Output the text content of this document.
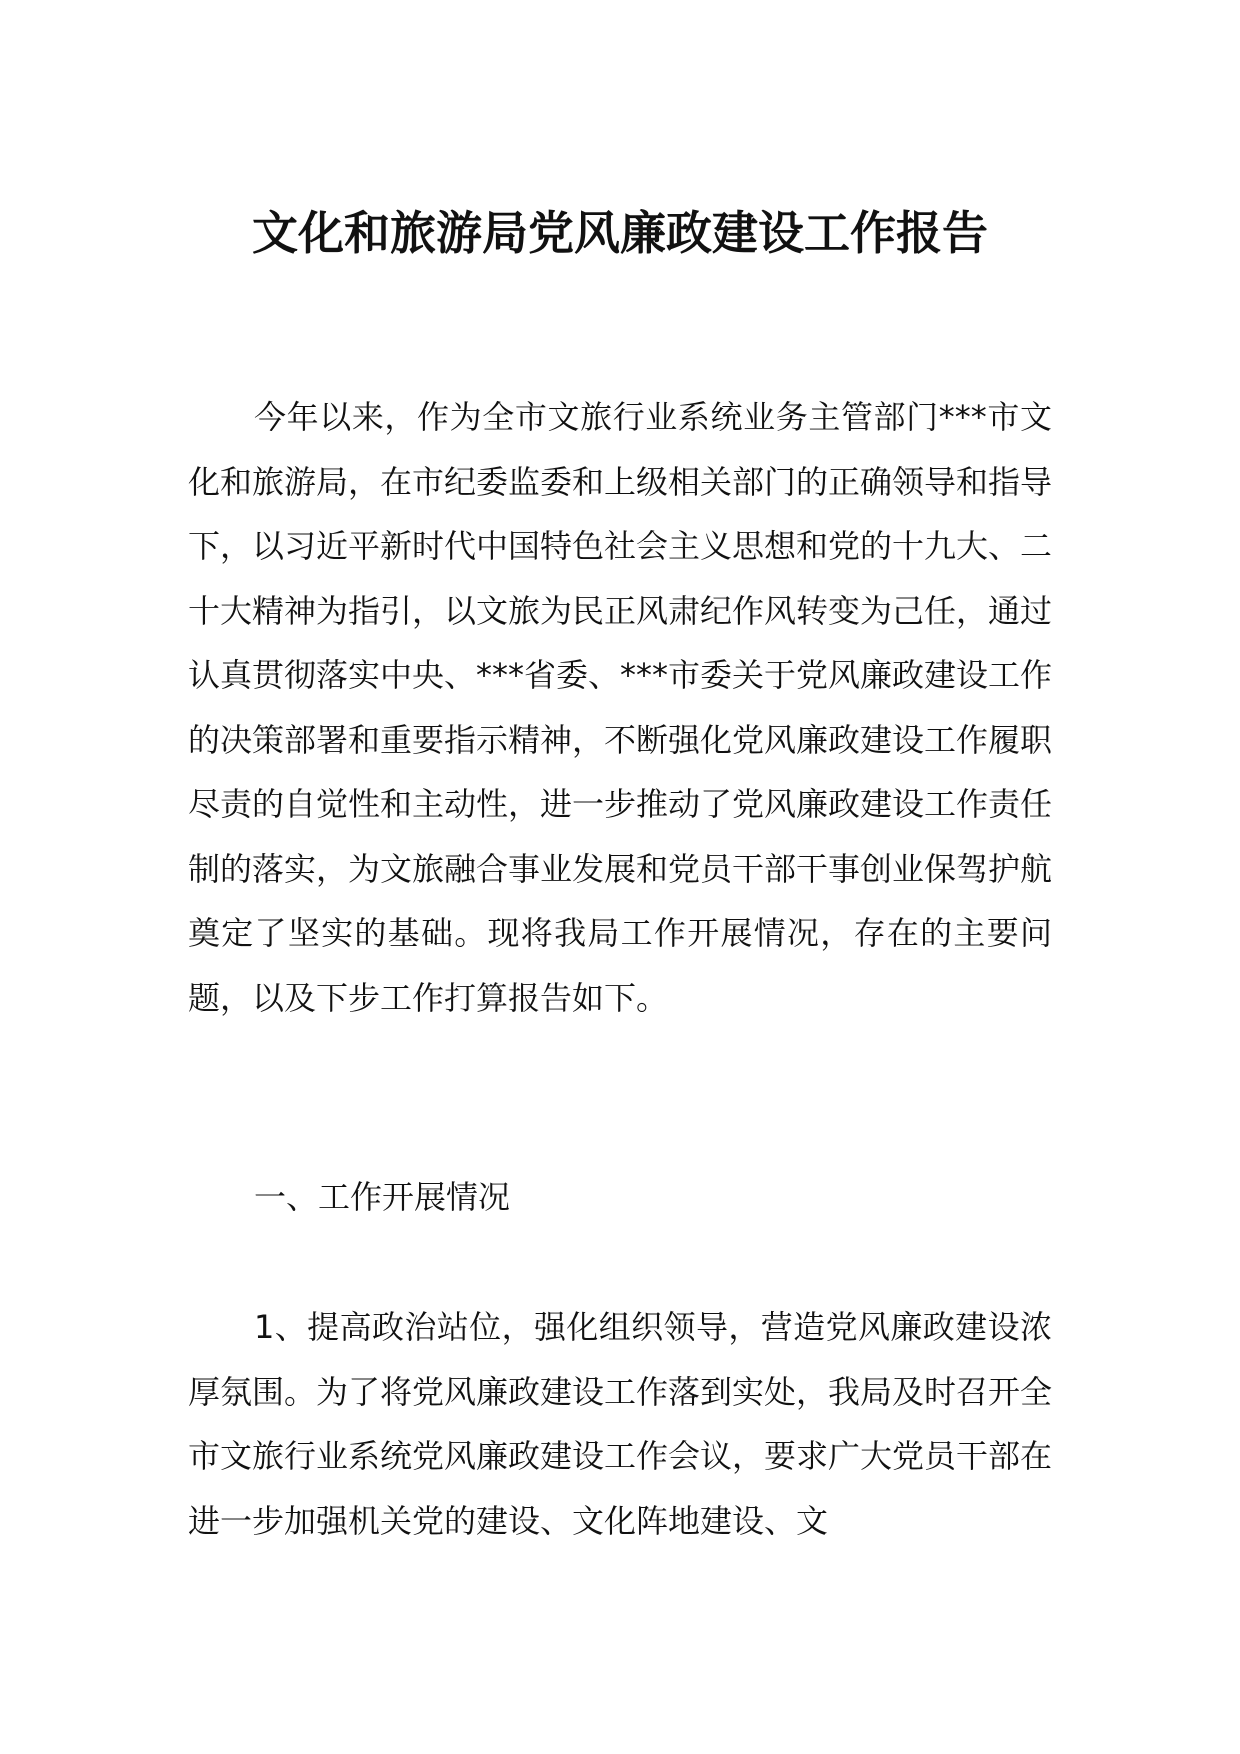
文化和旅游局党风廉政建设工作报告

今年以来，作为全市文旅行业系统业务主管部门***市文化和旅游局，在市纪委监委和上级相关部门的正确领导和指导下，以习近平新时代中国特色社会主义思想和党的十九大、二十大精神为指引，以文旅为民正风肃纪作风转变为己任，通过认真贯彻落实中央、***省委、***市委关于党风廉政建设工作的决策部署和重要指示精神，不断强化党风廉政建设工作履职尽责的自觉性和主动性，进一步推动了党风廉政建设工作责任制的落实，为文旅融合事业发展和党员干部干事创业保驾护航奠定了坚实的基础。现将我局工作开展情况，存在的主要问题，以及下步工作打算报告如下。

一、工作开展情况

1、提高政治站位，强化组织领导，营造党风廉政建设浓厚氛围。为了将党风廉政建设工作落到实处，我局及时召开全市文旅行业系统党风廉政建设工作会议，要求广大党员干部在进一步加强机关党的建设、文化阵地建设、文
